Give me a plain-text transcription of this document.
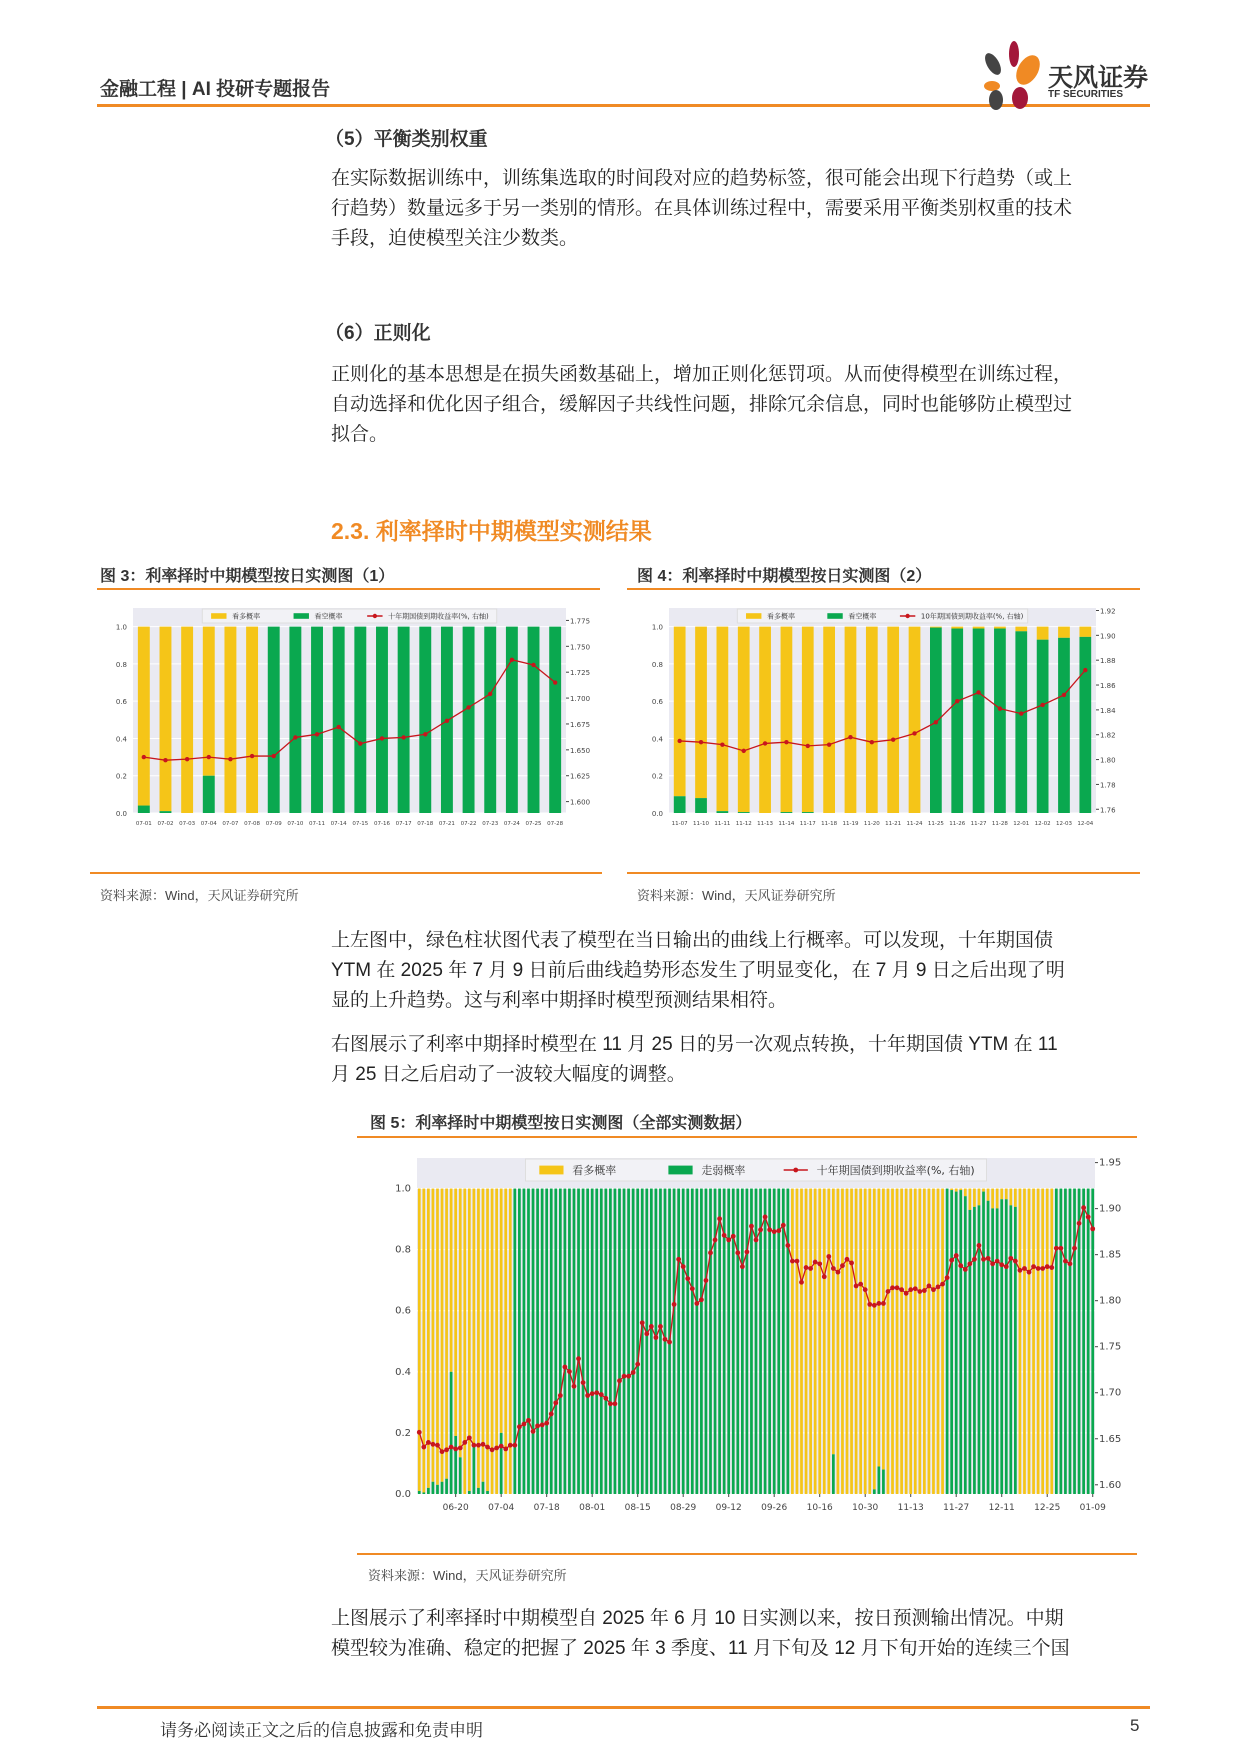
金融工程 | AI 投研专题报告	天风证券
TF SECURITIES
（5）平衡类别权重
在实际数据训练中，训练集选取的时间段对应的趋势标签，很可能会出现下行趋势（或上
行趋势）数量远多于另一类别的情形。在具体训练过程中，需要采用平衡类别权重的技术
手段，迫使模型关注少数类。
（6）正则化
正则化的基本思想是在损失函数基础上，增加正则化惩罚项。从而使得模型在训练过程，
自动选择和优化因子组合，缓解因子共线性问题，排除冗余信息，同时也能够防止模型过
拟合。
2.3. 利率择时中期模型实测结果
图 3：利率择时中期模型按日实测图（1）	图 4：利率择时中期模型按日实测图（2）
0.0
0.2
0.4
0.6
0.8
1.0
1.600
1.625
1.650
1.675
1.700
1.725
1.750
1.775
07-01 07-02 07-03 07-04 07-07 07-08 07-09 07-10 07-11 07-14 07-15 07-16 07-17 07-18 07-21 07-22 07-23 07-24 07-25 07-28
看多概率	看空概率	十年期国债到期收益率(%, 右轴)
0.0
0.2
0.4
0.6
0.8
1.0
1.76
1.78
1.80
1.82
1.84
1.86
1.88
1.90
1.92
11-07 11-10 11-11 11-12 11-13 11-14 11-17 11-18 11-19 11-20 11-21 11-24 11-25 11-26 11-27 11-28 12-01 12-02 12-03 12-04
看多概率	看空概率	10年期国债到期收益率(%, 右轴)
资料来源：Wind，天风证券研究所	资料来源：Wind，天风证券研究所
上左图中，绿色柱状图代表了模型在当日输出的曲线上行概率。可以发现，十年期国债
YTM 在 2025 年 7 月 9 日前后曲线趋势形态发生了明显变化，在 7 月 9 日之后出现了明
显的上升趋势。这与利率中期择时模型预测结果相符。
右图展示了利率中期择时模型在 11 月 25 日的另一次观点转换，十年期国债 YTM 在 11
月 25 日之后启动了一波较大幅度的调整。
图 5：利率择时中期模型按日实测图（全部实测数据）
0.0
0.2
0.4
0.6
0.8
1.0
1.60
1.65
1.70
1.75
1.80
1.85
1.90
1.95
06-20 07-04 07-18 08-01 08-15 08-29 09-12 09-26 10-16 10-30 11-13 11-27 12-11 12-25 01-09
看多概率	走弱概率	十年期国债到期收益率(%, 右轴)
资料来源：Wind，天风证券研究所
上图展示了利率择时中期模型自 2025 年 6 月 10 日实测以来，按日预测输出情况。中期
模型较为准确、稳定的把握了 2025 年 3 季度、11 月下旬及 12 月下旬开始的连续三个国
请务必阅读正文之后的信息披露和免责申明	5
